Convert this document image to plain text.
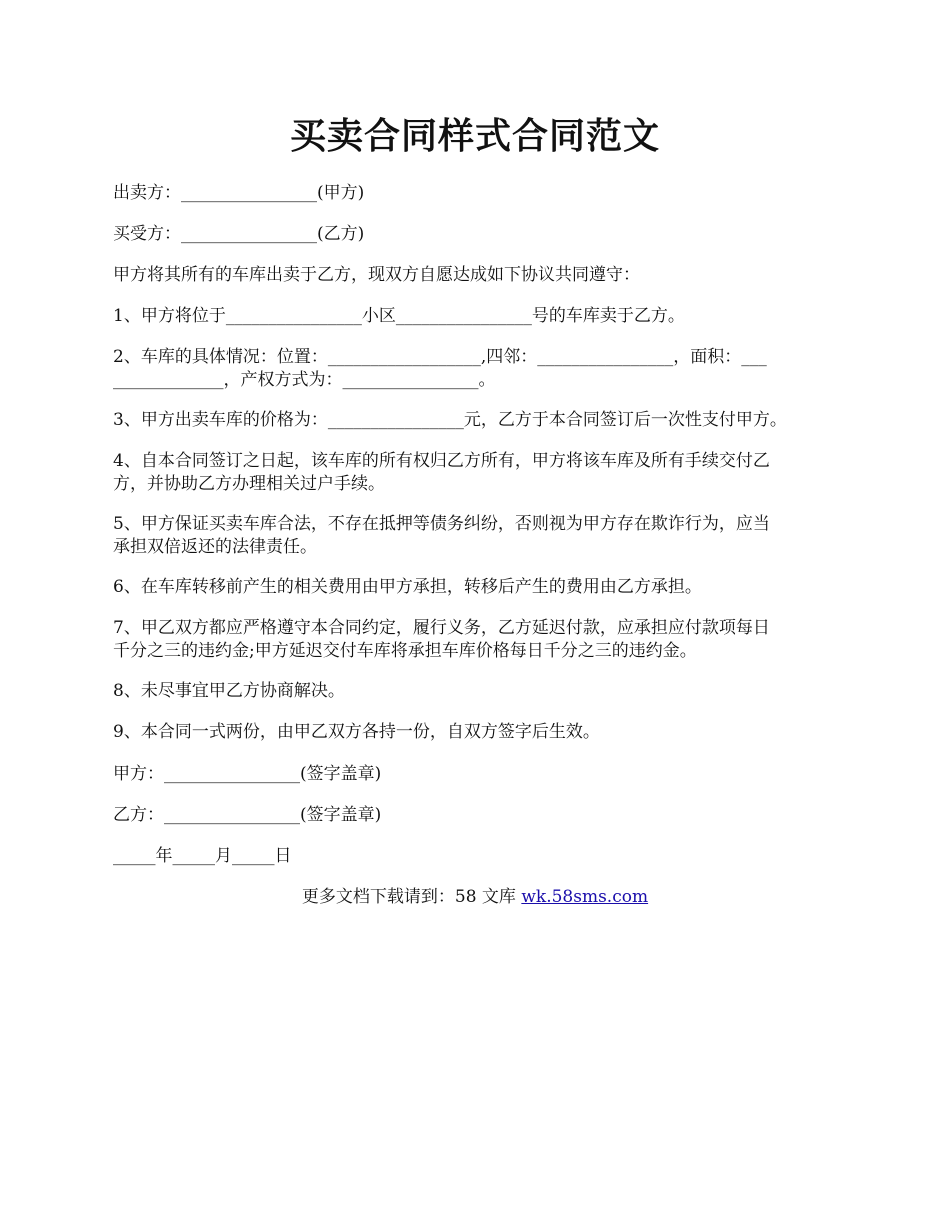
买卖合同样式合同范文

出卖方：________________(甲方)

买受方：________________(乙方)

甲方将其所有的车库出卖于乙方，现双方自愿达成如下协议共同遵守：

1、甲方将位于________________小区________________号的车库卖于乙方。

2、车库的具体情况：位置：__________________,四邻：________________，面积：___
_____________，产权方式为：________________。

3、甲方出卖车库的价格为：________________元，乙方于本合同签订后一次性支付甲方。

4、自本合同签订之日起，该车库的所有权归乙方所有，甲方将该车库及所有手续交付乙
方，并协助乙方办理相关过户手续。

5、甲方保证买卖车库合法，不存在抵押等债务纠纷，否则视为甲方存在欺诈行为，应当
承担双倍返还的法律责任。

6、在车库转移前产生的相关费用由甲方承担，转移后产生的费用由乙方承担。

7、甲乙双方都应严格遵守本合同约定，履行义务，乙方延迟付款，应承担应付款项每日
千分之三的违约金;甲方延迟交付车库将承担车库价格每日千分之三的违约金。

8、未尽事宜甲乙方协商解决。

9、本合同一式两份，由甲乙双方各持一份，自双方签字后生效。

甲方：________________(签字盖章)

乙方：________________(签字盖章)

_____年_____月_____日

更多文档下载请到：58 文库 wk.58sms.com
